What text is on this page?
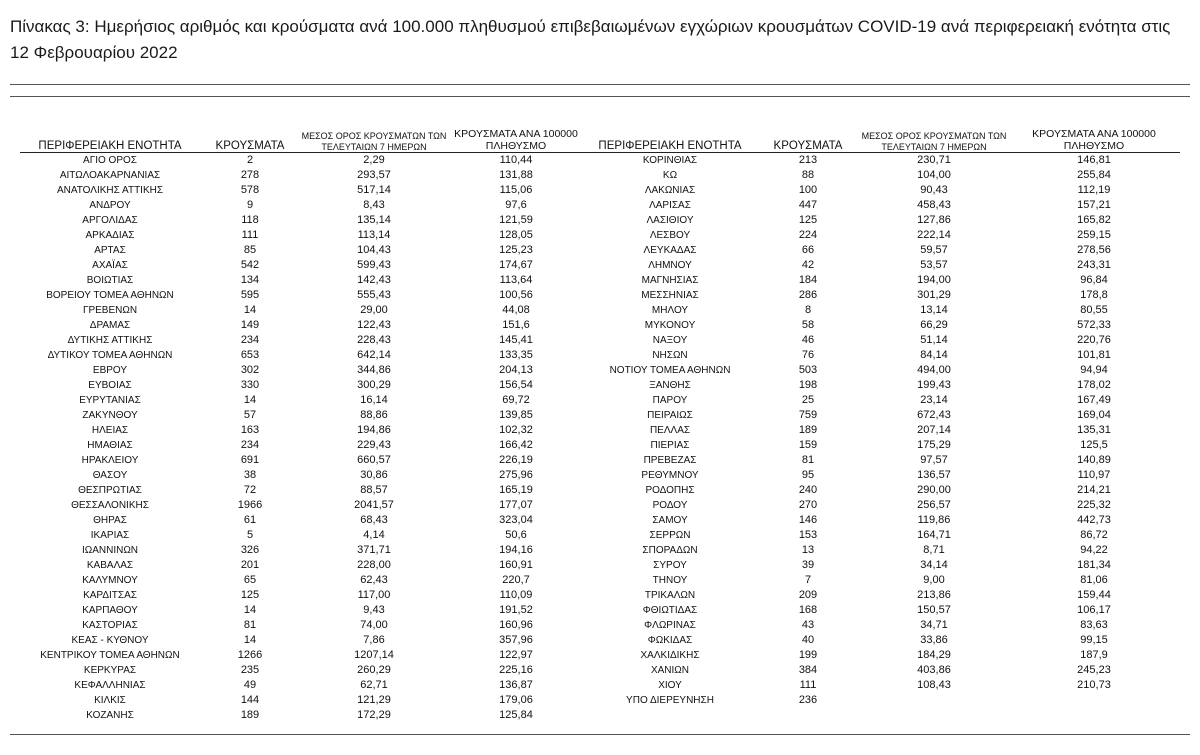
Πίνακας 3: Ημερήσιος αριθμός και κρούσματα ανά 100.000 πληθυσμού επιβεβαιωμένων εγχώριων κρουσμάτων COVID-19 ανά περιφερειακή ενότητα στις 12 Φεβρουαρίου 2022
ΠΕΡΙΦΕΡΕΙΑΚΗ ΕΝΟΤΗΤΑ	ΚΡΟΥΣΜΑΤΑ	ΜΕΣΟΣ ΟΡΟΣ ΚΡΟΥΣΜΑΤΩΝ ΤΩΝ ΤΕΛΕΥΤΑΙΩΝ 7 ΗΜΕΡΩΝ	ΚΡΟΥΣΜΑΤΑ ΑΝΑ 100000 ΠΛΗΘΥΣΜΟ	ΠΕΡΙΦΕΡΕΙΑΚΗ ΕΝΟΤΗΤΑ	ΚΡΟΥΣΜΑΤΑ	ΜΕΣΟΣ ΟΡΟΣ ΚΡΟΥΣΜΑΤΩΝ ΤΩΝ ΤΕΛΕΥΤΑΙΩΝ 7 ΗΜΕΡΩΝ	ΚΡΟΥΣΜΑΤΑ ΑΝΑ 100000 ΠΛΗΘΥΣΜΟ
ΑΓΙΟ ΟΡΟΣ	2	2,29	110,44	ΚΟΡΙΝΘΙΑΣ	213	230,71	146,81
ΑΙΤΩΛΟΑΚΑΡΝΑΝΙΑΣ	278	293,57	131,88	ΚΩ	88	104,00	255,84
ΑΝΑΤΟΛΙΚΗΣ ΑΤΤΙΚΗΣ	578	517,14	115,06	ΛΑΚΩΝΙΑΣ	100	90,43	112,19
ΑΝΔΡΟΥ	9	8,43	97,6	ΛΑΡΙΣΑΣ	447	458,43	157,21
ΑΡΓΟΛΙΔΑΣ	118	135,14	121,59	ΛΑΣΙΘΙΟΥ	125	127,86	165,82
ΑΡΚΑΔΙΑΣ	111	113,14	128,05	ΛΕΣΒΟΥ	224	222,14	259,15
ΑΡΤΑΣ	85	104,43	125,23	ΛΕΥΚΑΔΑΣ	66	59,57	278,56
ΑΧΑΪΑΣ	542	599,43	174,67	ΛΗΜΝΟΥ	42	53,57	243,31
ΒΟΙΩΤΙΑΣ	134	142,43	113,64	ΜΑΓΝΗΣΙΑΣ	184	194,00	96,84
ΒΟΡΕΙΟΥ ΤΟΜΕΑ ΑΘΗΝΩΝ	595	555,43	100,56	ΜΕΣΣΗΝΙΑΣ	286	301,29	178,8
ΓΡΕΒΕΝΩΝ	14	29,00	44,08	ΜΗΛΟΥ	8	13,14	80,55
ΔΡΑΜΑΣ	149	122,43	151,6	ΜΥΚΟΝΟΥ	58	66,29	572,33
ΔΥΤΙΚΗΣ ΑΤΤΙΚΗΣ	234	228,43	145,41	ΝΑΞΟΥ	46	51,14	220,76
ΔΥΤΙΚΟΥ ΤΟΜΕΑ ΑΘΗΝΩΝ	653	642,14	133,35	ΝΗΣΩΝ	76	84,14	101,81
ΕΒΡΟΥ	302	344,86	204,13	ΝΟΤΙΟΥ ΤΟΜΕΑ ΑΘΗΝΩΝ	503	494,00	94,94
ΕΥΒΟΙΑΣ	330	300,29	156,54	ΞΑΝΘΗΣ	198	199,43	178,02
ΕΥΡΥΤΑΝΙΑΣ	14	16,14	69,72	ΠΑΡΟΥ	25	23,14	167,49
ΖΑΚΥΝΘΟΥ	57	88,86	139,85	ΠΕΙΡΑΙΩΣ	759	672,43	169,04
ΗΛΕΙΑΣ	163	194,86	102,32	ΠΕΛΛΑΣ	189	207,14	135,31
ΗΜΑΘΙΑΣ	234	229,43	166,42	ΠΙΕΡΙΑΣ	159	175,29	125,5
ΗΡΑΚΛΕΙΟΥ	691	660,57	226,19	ΠΡΕΒΕΖΑΣ	81	97,57	140,89
ΘΑΣΟΥ	38	30,86	275,96	ΡΕΘΥΜΝΟΥ	95	136,57	110,97
ΘΕΣΠΡΩΤΙΑΣ	72	88,57	165,19	ΡΟΔΟΠΗΣ	240	290,00	214,21
ΘΕΣΣΑΛΟΝΙΚΗΣ	1966	2041,57	177,07	ΡΟΔΟΥ	270	256,57	225,32
ΘΗΡΑΣ	61	68,43	323,04	ΣΑΜΟΥ	146	119,86	442,73
ΙΚΑΡΙΑΣ	5	4,14	50,6	ΣΕΡΡΩΝ	153	164,71	86,72
ΙΩΑΝΝΙΝΩΝ	326	371,71	194,16	ΣΠΟΡΑΔΩΝ	13	8,71	94,22
ΚΑΒΑΛΑΣ	201	228,00	160,91	ΣΥΡΟΥ	39	34,14	181,34
ΚΑΛΥΜΝΟΥ	65	62,43	220,7	ΤΗΝΟΥ	7	9,00	81,06
ΚΑΡΔΙΤΣΑΣ	125	117,00	110,09	ΤΡΙΚΑΛΩΝ	209	213,86	159,44
ΚΑΡΠΑΘΟΥ	14	9,43	191,52	ΦΘΙΩΤΙΔΑΣ	168	150,57	106,17
ΚΑΣΤΟΡΙΑΣ	81	74,00	160,96	ΦΛΩΡΙΝΑΣ	43	34,71	83,63
ΚΕΑΣ - ΚΥΘΝΟΥ	14	7,86	357,96	ΦΩΚΙΔΑΣ	40	33,86	99,15
ΚΕΝΤΡΙΚΟΥ ΤΟΜΕΑ ΑΘΗΝΩΝ	1266	1207,14	122,97	ΧΑΛΚΙΔΙΚΗΣ	199	184,29	187,9
ΚΕΡΚΥΡΑΣ	235	260,29	225,16	ΧΑΝΙΩΝ	384	403,86	245,23
ΚΕΦΑΛΛΗΝΙΑΣ	49	62,71	136,87	ΧΙΟΥ	111	108,43	210,73
ΚΙΛΚΙΣ	144	121,29	179,06	ΥΠΟ ΔΙΕΡΕΥΝΗΣΗ	236		
ΚΟΖΑΝΗΣ	189	172,29	125,84				
